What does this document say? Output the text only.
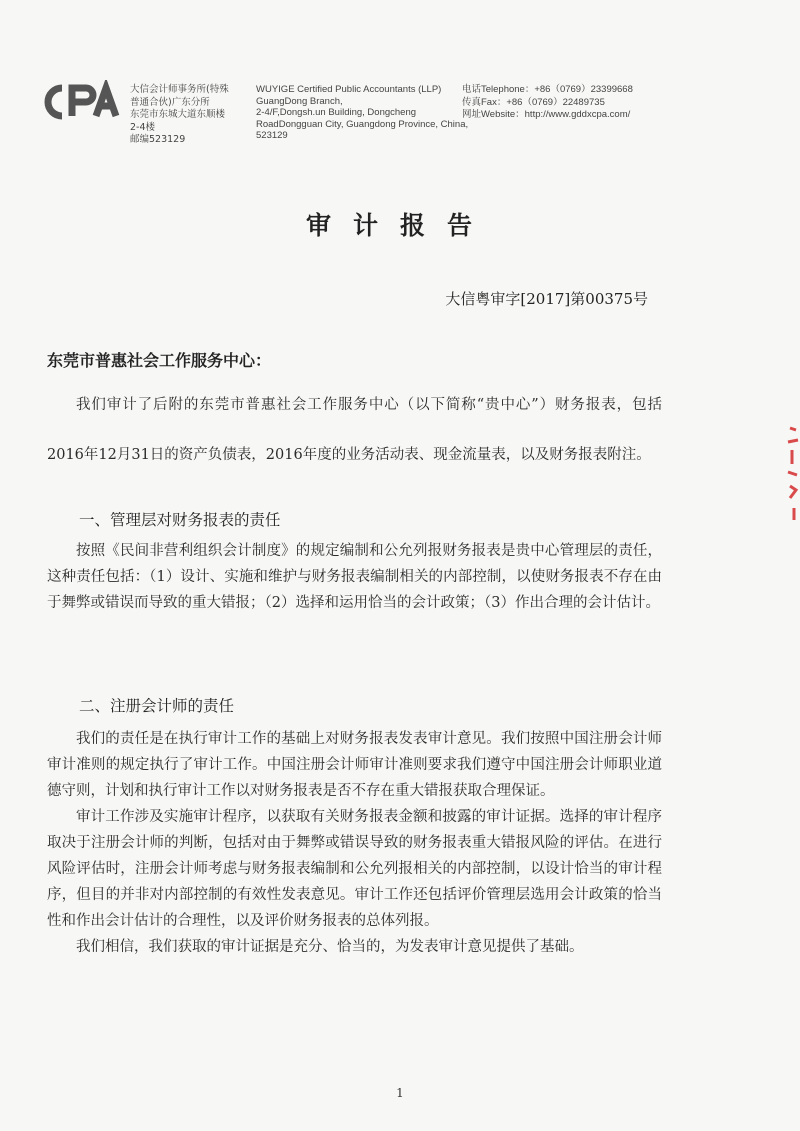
大信会计师事务所(特殊
普通合伙)广东分所
东莞市东城大道东顺楼
2-4楼
邮编523129
WUYIGE Certified Public Accountants (LLP)
GuangDong Branch,
2-4/F,Dongsh.un Building, Dongcheng
RoadDongguan City, Guangdong Province, China,
523129
电话Telephone：+86（0769）23399668
传真Fax：+86（0769）22489735
网址Website：http://www.gddxcpa.com/
审计报告
大信粤审字[2017]第00375号
东莞市普惠社会工作服务中心：

我们审计了后附的东莞市普惠社会工作服务中心（以下简称“贵中心”）财务报表，包括2016年12月31日的资产负债表，2016年度的业务活动表、现金流量表，以及财务报表附注。

一、管理层对财务报表的责任

按照《民间非营利组织会计制度》的规定编制和公允列报财务报表是贵中心管理层的责任，这种责任包括：（1）设计、实施和维护与财务报表编制相关的内部控制，以使财务报表不存在由于舞弊或错误而导致的重大错报；（2）选择和运用恰当的会计政策；（3）作出合理的会计估计。

二、注册会计师的责任

我们的责任是在执行审计工作的基础上对财务报表发表审计意见。我们按照中国注册会计师审计准则的规定执行了审计工作。中国注册会计师审计准则要求我们遵守中国注册会计师职业道德守则，计划和执行审计工作以对财务报表是否不存在重大错报获取合理保证。

审计工作涉及实施审计程序，以获取有关财务报表金额和披露的审计证据。选择的审计程序取决于注册会计师的判断，包括对由于舞弊或错误导致的财务报表重大错报风险的评估。在进行风险评估时，注册会计师考虑与财务报表编制和公允列报相关的内部控制，以设计恰当的审计程序，但目的并非对内部控制的有效性发表意见。审计工作还包括评价管理层选用会计政策的恰当性和作出会计估计的合理性，以及评价财务报表的总体列报。

我们相信，我们获取的审计证据是充分、恰当的，为发表审计意见提供了基础。

1
